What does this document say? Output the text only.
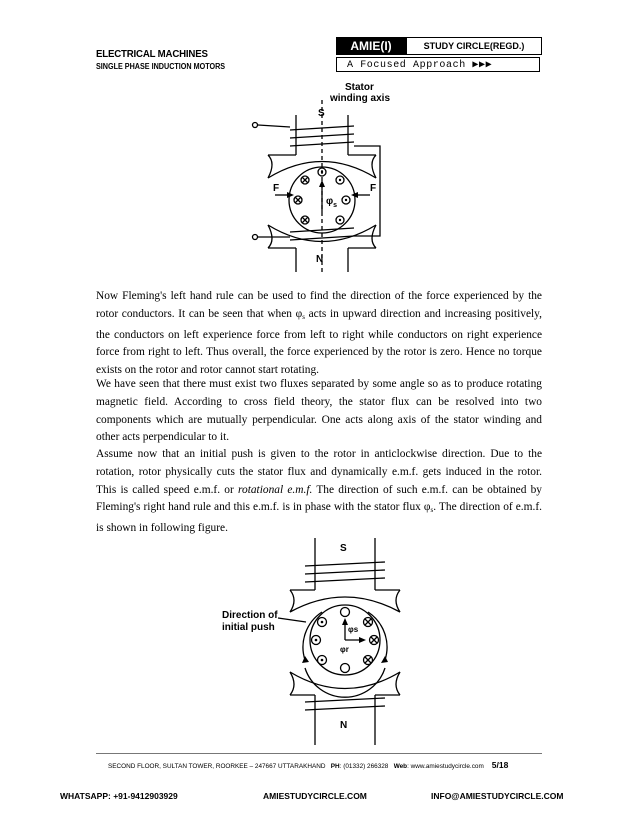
ELECTRICAL MACHINES
SINGLE PHASE INDUCTION MOTORS
AMIE(I)	STUDY CIRCLE(REGD.)
A Focused Approach ▶▶▶
Stator
winding axis
S
N
F	F
$\varphi_s$
Now Fleming's left hand rule can be used to find the direction of the force experienced by the rotor conductors. It can be seen that when $\varphi_s$ acts in upward direction and increasing positively, the conductors on left experience force from left to right while conductors on right experience force from right to left. Thus overall, the force experienced by the rotor is zero. Hence no torque exists on the rotor and rotor cannot start rotating.
We have seen that there must exist two fluxes separated by some angle so as to produce rotating magnetic field. According to cross field theory, the stator flux can be resolved into two components which are mutually perpendicular. One acts along axis of the stator winding and other acts perpendicular to it.
Assume now that an initial push is given to the rotor in anticlockwise direction. Due to the rotation, rotor physically cuts the stator flux and dynamically e.m.f. gets induced in the rotor. This is called speed e.m.f. or rotational e.m.f. The direction of such e.m.f. can be obtained by Fleming's right hand rule and this e.m.f. is in phase with the stator flux $\varphi_s$. The direction of e.m.f. is shown in following figure.
S
N
Direction of
initial push	φs
φr
SECOND FLOOR, SULTAN TOWER, ROORKEE – 247667 UTTARAKHAND PH: (01332) 266328 Web: www.amiestudycircle.com 5/18
WHATSAPP: +91-9412903929	AMIESTUDYCIRCLE.COM	INFO@AMIESTUDYCIRCLE.COM
